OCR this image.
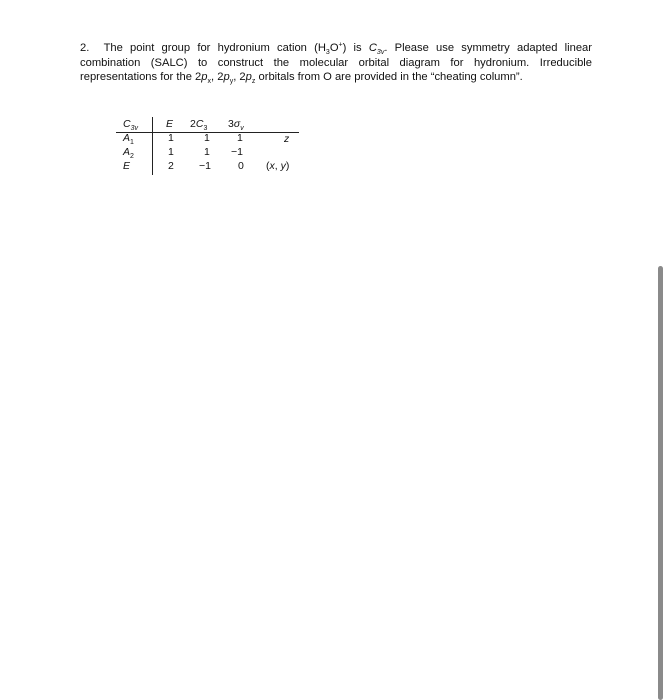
2. The point group for hydronium cation $(H_3O^+)$ is $C_{3v}$. Please use symmetry adapted linear combination (SALC) to construct the molecular orbital diagram for hydronium. Irreducible representations for the $2p_x$, $2p_y$, $2p_z$ orbitals from O are provided in the “cheating column”.

$C_{3v}$	E $2C_3$ $3\sigma_v$
$A_1$	1	1	1	z
$A_2$	1	1 −1
E	2 −1	0 (x, y)
